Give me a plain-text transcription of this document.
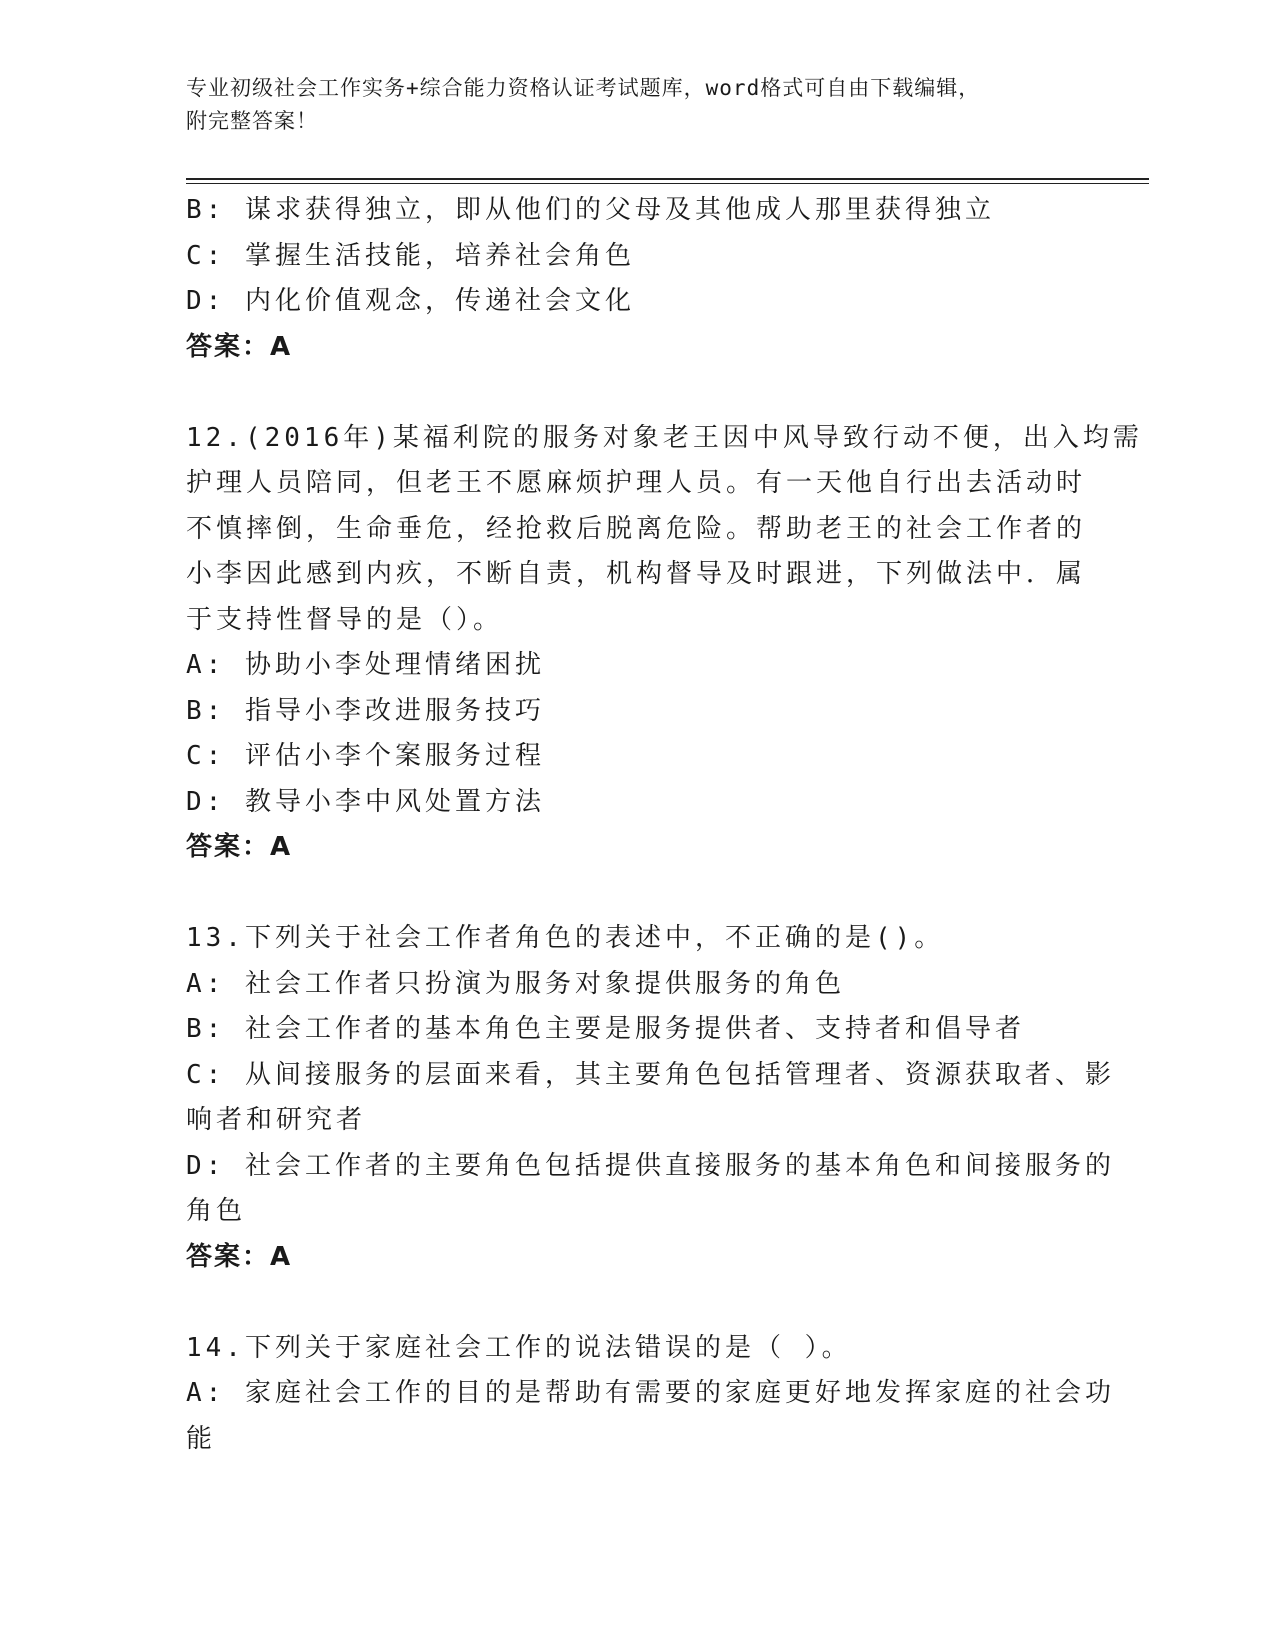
专业初级社会工作实务+综合能力资格认证考试题库，word格式可自由下载编辑，
附完整答案！
B: 谋求获得独立，即从他们的父母及其他成人那里获得独立
C: 掌握生活技能，培养社会角色
D: 内化价值观念，传递社会文化
答案：A
12.(2016年)某福利院的服务对象老王因中风导致行动不便，出入均需
护理人员陪同，但老王不愿麻烦护理人员。有一天他自行出去活动时
不慎摔倒，生命垂危，经抢救后脱离危险。帮助老王的社会工作者的
小李因此感到内疚，不断自责，机构督导及时跟进，下列做法中．属
于支持性督导的是（）。
A: 协助小李处理情绪困扰
B: 指导小李改进服务技巧
C: 评估小李个案服务过程
D: 教导小李中风处置方法
答案：A
13.下列关于社会工作者角色的表述中，不正确的是()。
A: 社会工作者只扮演为服务对象提供服务的角色
B: 社会工作者的基本角色主要是服务提供者、支持者和倡导者
C: 从间接服务的层面来看，其主要角色包括管理者、资源获取者、影
响者和研究者
D: 社会工作者的主要角色包括提供直接服务的基本角色和间接服务的
角色
答案：A
14.下列关于家庭社会工作的说法错误的是（ ）。
A: 家庭社会工作的目的是帮助有需要的家庭更好地发挥家庭的社会功
能
